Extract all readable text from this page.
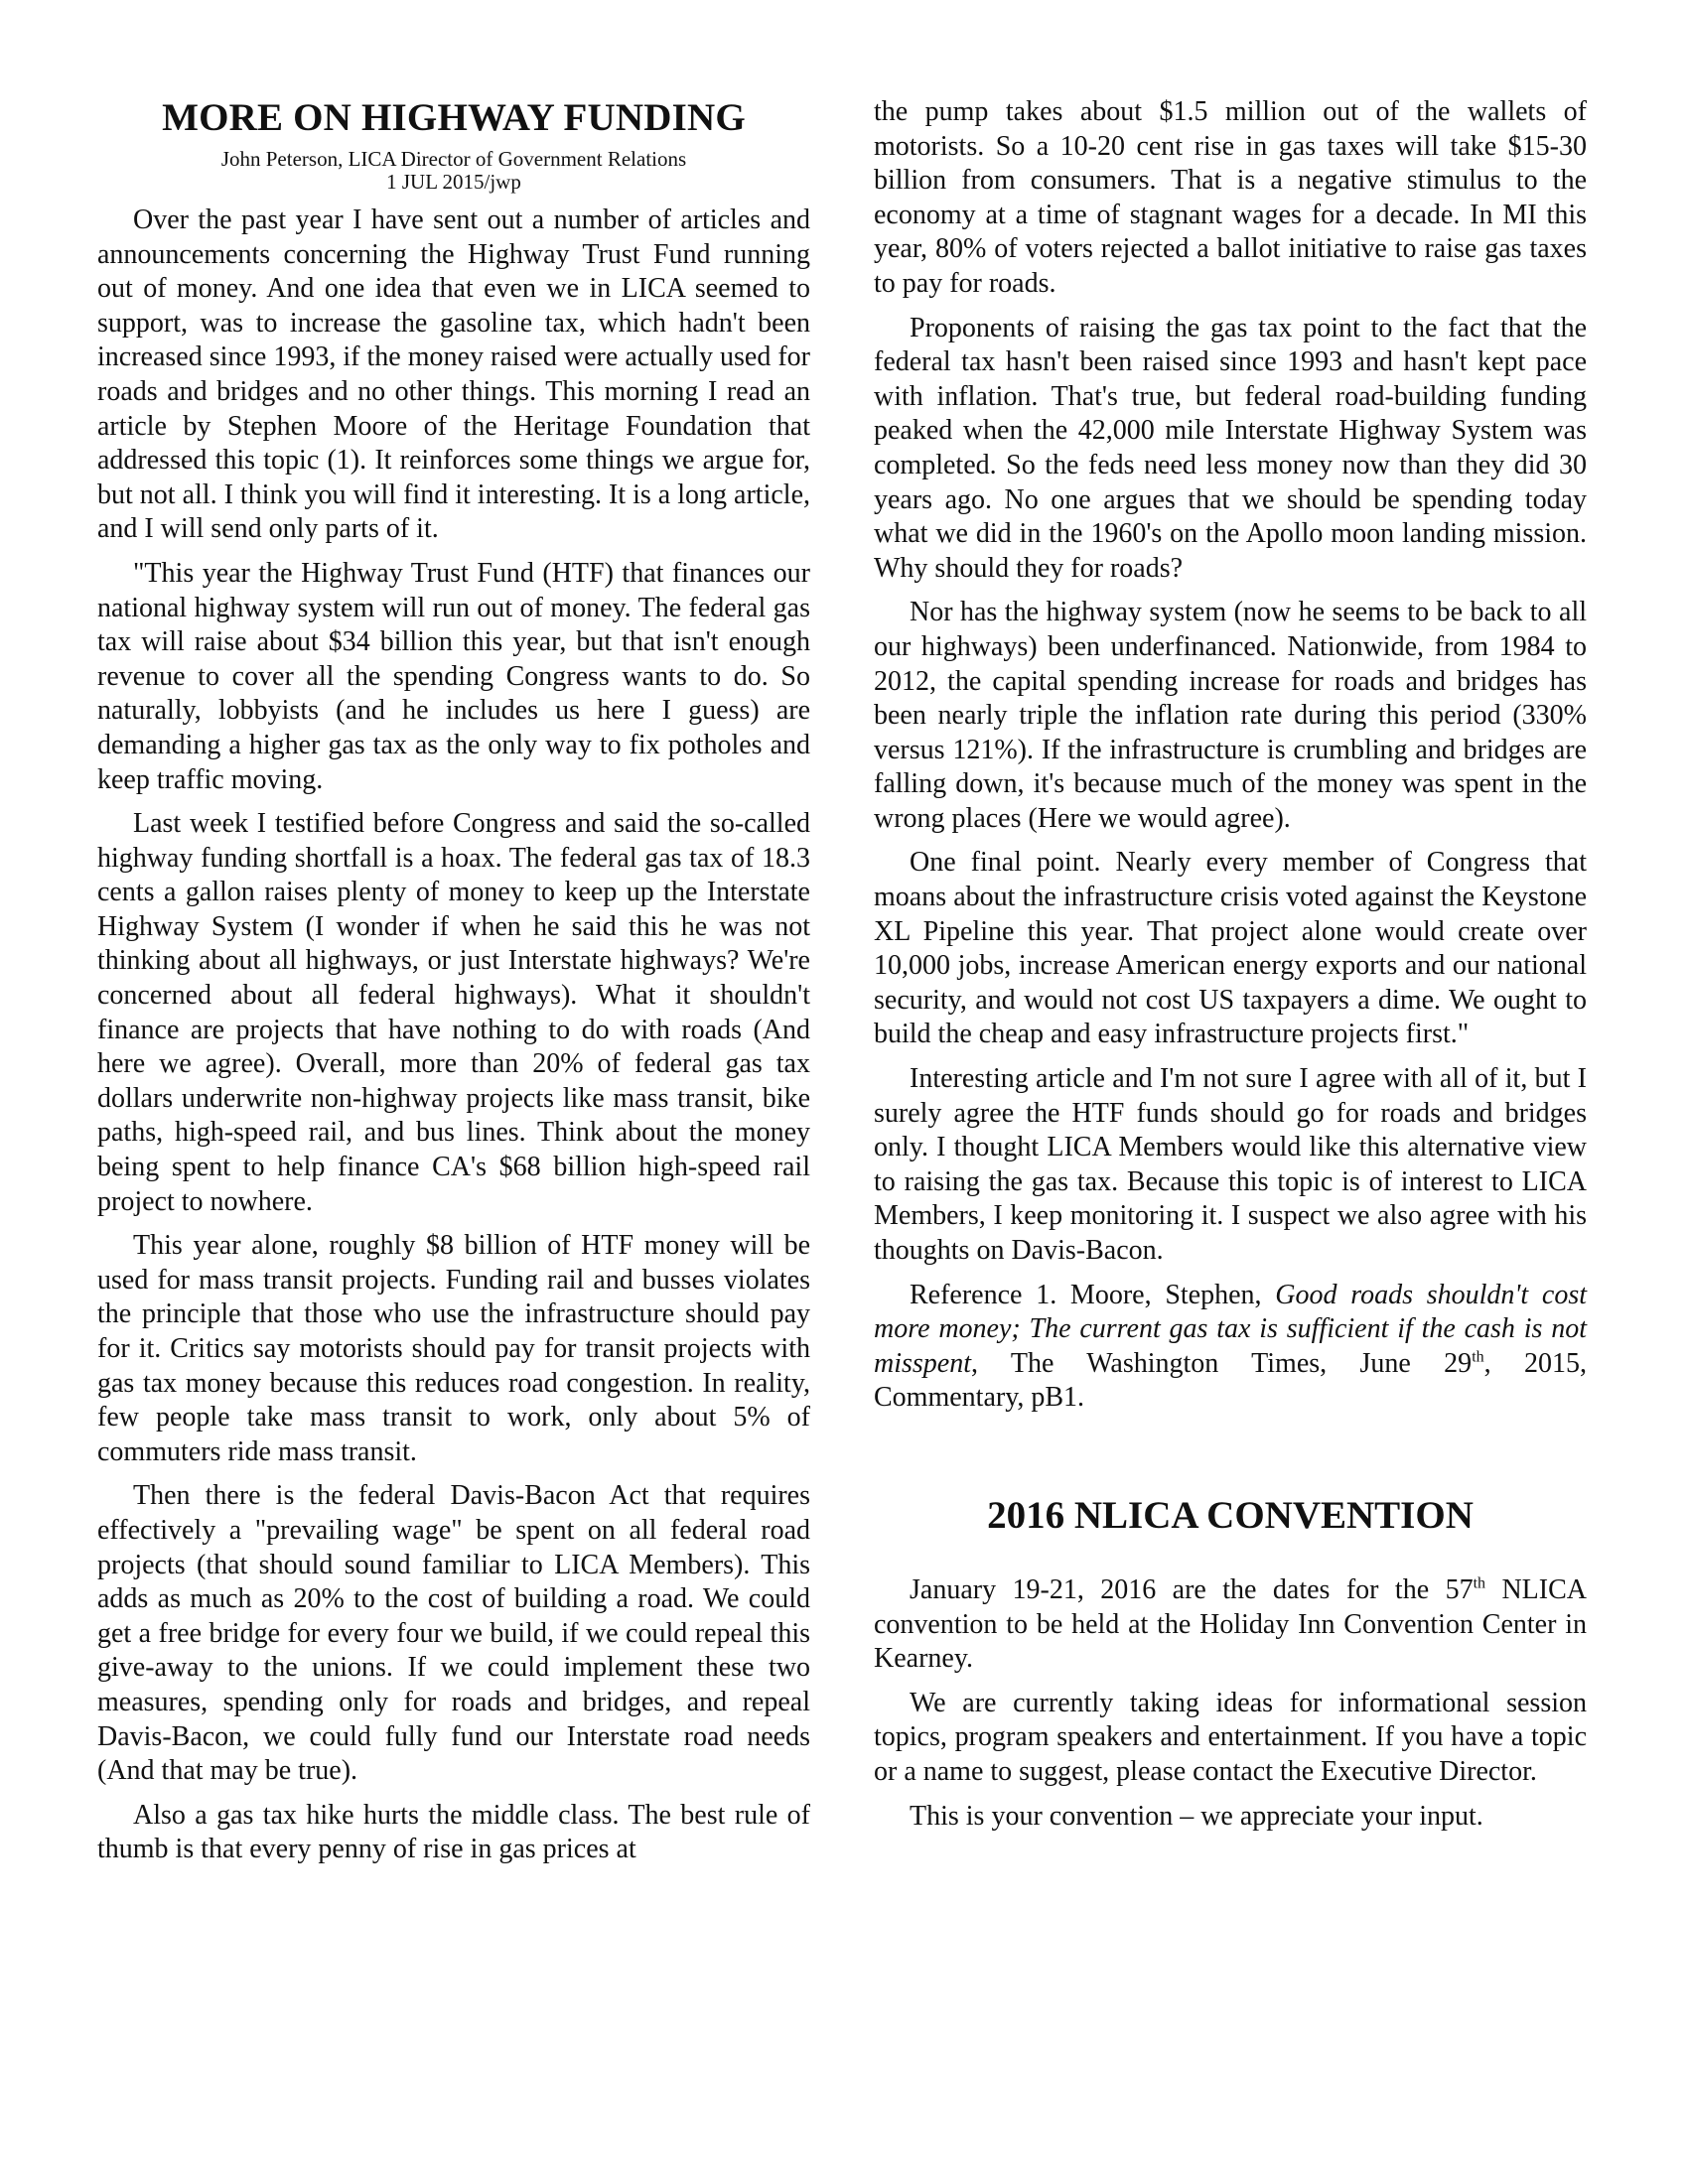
MORE ON HIGHWAY FUNDING
John Peterson, LICA Director of Government Relations
1 JUL 2015/jwp

Over the past year I have sent out a number of articles and announcements concerning the Highway Trust Fund running out of money. And one idea that even we in LICA seemed to support, was to increase the gasoline tax, which hadn't been increased since 1993, if the money raised were actually used for roads and bridges and no other things. This morning I read an article by Stephen Moore of the Heritage Foundation that addressed this topic (1). It reinforces some things we argue for, but not all. I think you will find it interesting. It is a long article, and I will send only parts of it.

"This year the Highway Trust Fund (HTF) that finances our national highway system will run out of money. The federal gas tax will raise about $34 billion this year, but that isn't enough revenue to cover all the spending Congress wants to do. So naturally, lobbyists (and he includes us here I guess) are demanding a higher gas tax as the only way to fix potholes and keep traffic moving.

Last week I testified before Congress and said the so-called highway funding shortfall is a hoax. The federal gas tax of 18.3 cents a gallon raises plenty of money to keep up the Interstate Highway System (I wonder if when he said this he was not thinking about all highways, or just Interstate highways? We're concerned about all federal highways). What it shouldn't finance are projects that have nothing to do with roads (And here we agree). Overall, more than 20% of federal gas tax dollars underwrite non-highway projects like mass transit, bike paths, high-speed rail, and bus lines. Think about the money being spent to help finance CA's $68 billion high-speed rail project to nowhere.

This year alone, roughly $8 billion of HTF money will be used for mass transit projects. Funding rail and busses violates the principle that those who use the infrastructure should pay for it. Critics say motorists should pay for transit projects with gas tax money because this reduces road congestion. In reality, few people take mass transit to work, only about 5% of commuters ride mass transit.

Then there is the federal Davis-Bacon Act that requires effectively a "prevailing wage" be spent on all federal road projects (that should sound familiar to LICA Members). This adds as much as 20% to the cost of building a road. We could get a free bridge for every four we build, if we could repeal this give-away to the unions. If we could implement these two measures, spending only for roads and bridges, and repeal Davis-Bacon, we could fully fund our Interstate road needs (And that may be true).

Also a gas tax hike hurts the middle class. The best rule of thumb is that every penny of rise in gas prices at

the pump takes about $1.5 million out of the wallets of motorists. So a 10-20 cent rise in gas taxes will take $15-30 billion from consumers. That is a negative stimulus to the economy at a time of stagnant wages for a decade. In MI this year, 80% of voters rejected a ballot initiative to raise gas taxes to pay for roads.

Proponents of raising the gas tax point to the fact that the federal tax hasn't been raised since 1993 and hasn't kept pace with inflation. That's true, but federal road-building funding peaked when the 42,000 mile Interstate Highway System was completed. So the feds need less money now than they did 30 years ago. No one argues that we should be spending today what we did in the 1960's on the Apollo moon landing mission. Why should they for roads?

Nor has the highway system (now he seems to be back to all our highways) been underfinanced. Nationwide, from 1984 to 2012, the capital spending increase for roads and bridges has been nearly triple the inflation rate during this period (330% versus 121%). If the infrastructure is crumbling and bridges are falling down, it's because much of the money was spent in the wrong places (Here we would agree).

One final point. Nearly every member of Congress that moans about the infrastructure crisis voted against the Keystone XL Pipeline this year. That project alone would create over 10,000 jobs, increase American energy exports and our national security, and would not cost US taxpayers a dime. We ought to build the cheap and easy infrastructure projects first."

Interesting article and I'm not sure I agree with all of it, but I surely agree the HTF funds should go for roads and bridges only. I thought LICA Members would like this alternative view to raising the gas tax. Because this topic is of interest to LICA Members, I keep monitoring it. I suspect we also agree with his thoughts on Davis-Bacon.

Reference 1. Moore, Stephen, Good roads shouldn't cost more money; The current gas tax is sufficient if the cash is not misspent, The Washington Times, June 29th, 2015, Commentary, pB1.

2016 NLICA CONVENTION

January 19-21, 2016 are the dates for the 57th NLICA convention to be held at the Holiday Inn Convention Center in Kearney.

We are currently taking ideas for informational session topics, program speakers and entertainment. If you have a topic or a name to suggest, please contact the Executive Director.

This is your convention – we appreciate your input.
